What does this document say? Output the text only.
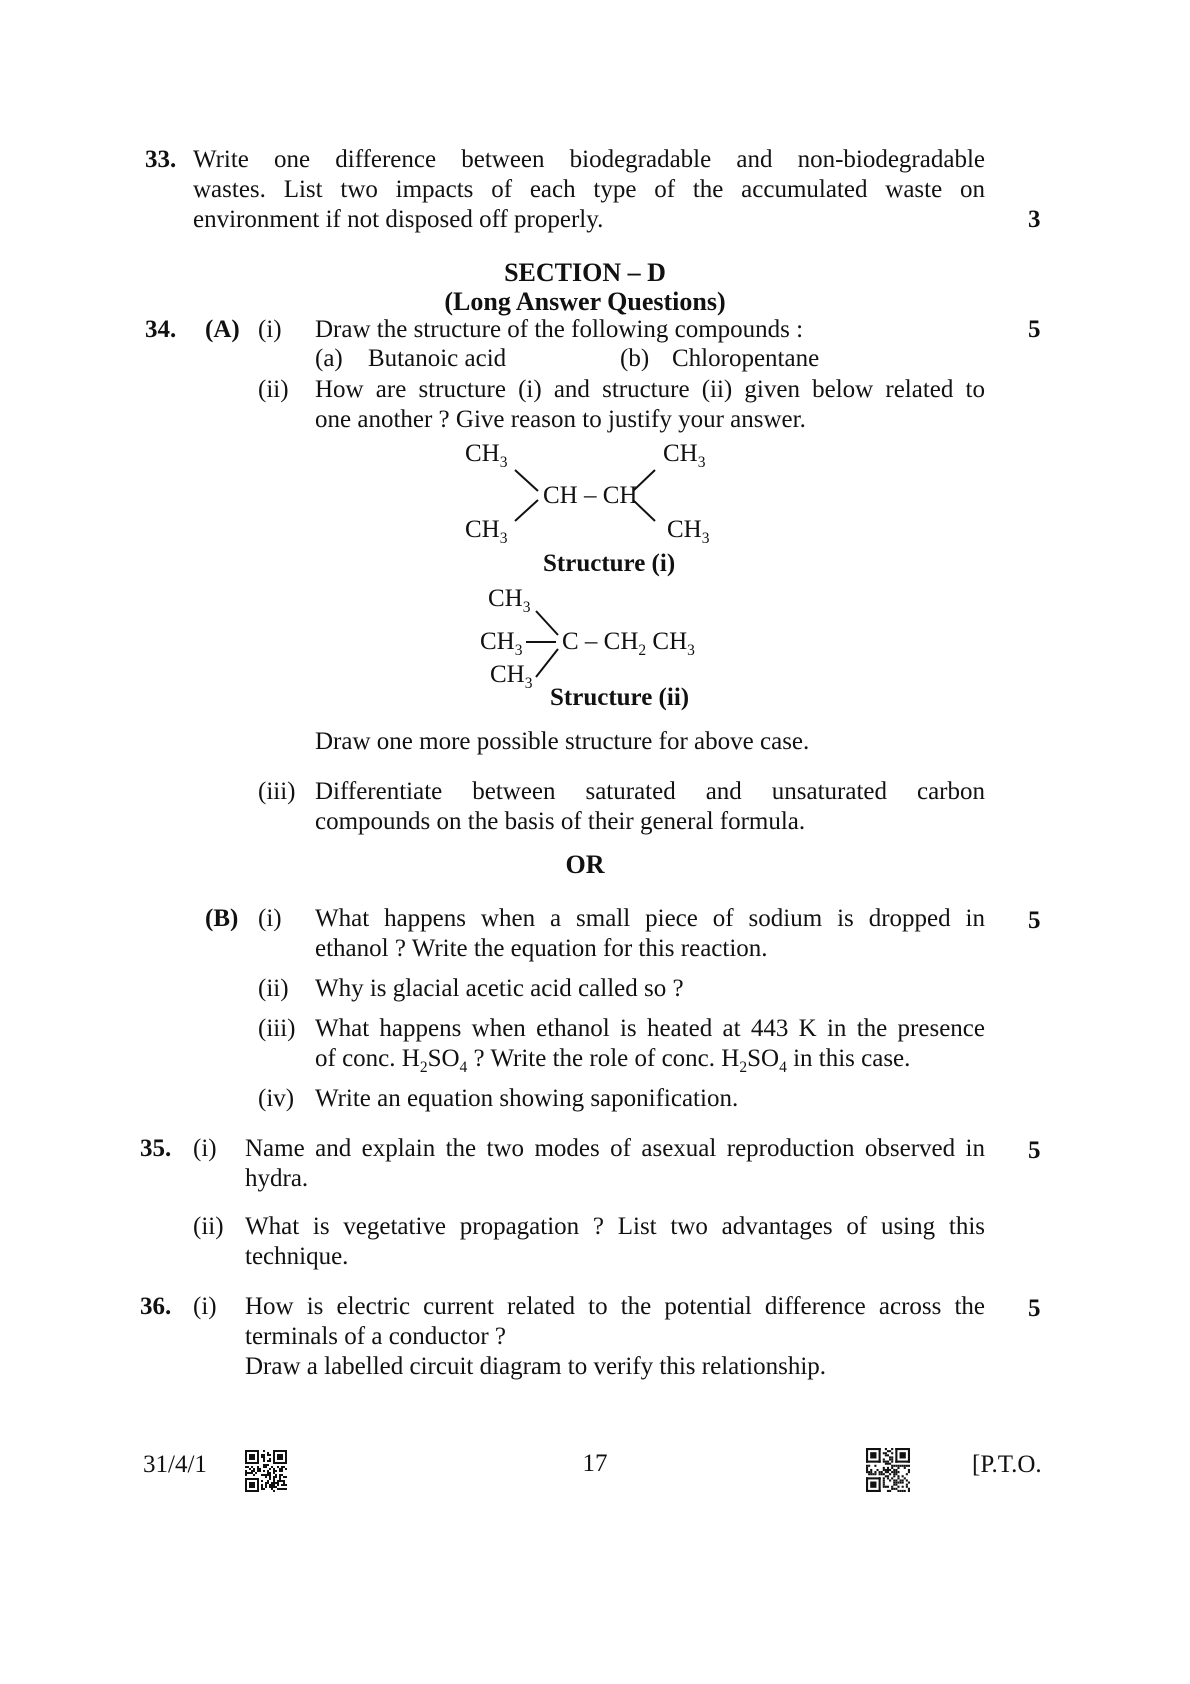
33. Write one difference between biodegradable and non-biodegradable
wastes. List two impacts of each type of the accumulated waste on
environment if not disposed off properly.	3
SECTION – D
(Long Answer Questions)
34. (A) (i) Draw the structure of the following compounds :	5
(a) Butanoic acid	(b) Chloropentane
(ii) How are structure (i) and structure (ii) given below related to
one another ? Give reason to justify your answer.
$CH_3$	$CH_3$
CH – CH
$CH_3$	$CH_3$
Structure (i)
$CH_3$
$CH_3$ C – $CH_2$ $CH_3$
$CH_3$
Structure (ii)
Draw one more possible structure for above case.
(iii) Differentiate between saturated and unsaturated carbon
compounds on the basis of their general formula.
OR
(B) (i) What happens when a small piece of sodium is dropped in
ethanol ? Write the equation for this reaction.
5
(ii) Why is glacial acetic acid called so ?
(iii) What happens when ethanol is heated at 443 K in the presence
of conc. $H_2SO_4$ ? Write the role of conc. $H_2SO_4$ in this case.
(iv) Write an equation showing saponification.
35. (i) Name and explain the two modes of asexual reproduction observed in
hydra.
5
(ii) What is vegetative propagation ? List two advantages of using this
technique.
36. (i) How is electric current related to the potential difference across the
terminals of a conductor ?
5
Draw a labelled circuit diagram to verify this relationship.
31/4/1	17	[P.T.O.
